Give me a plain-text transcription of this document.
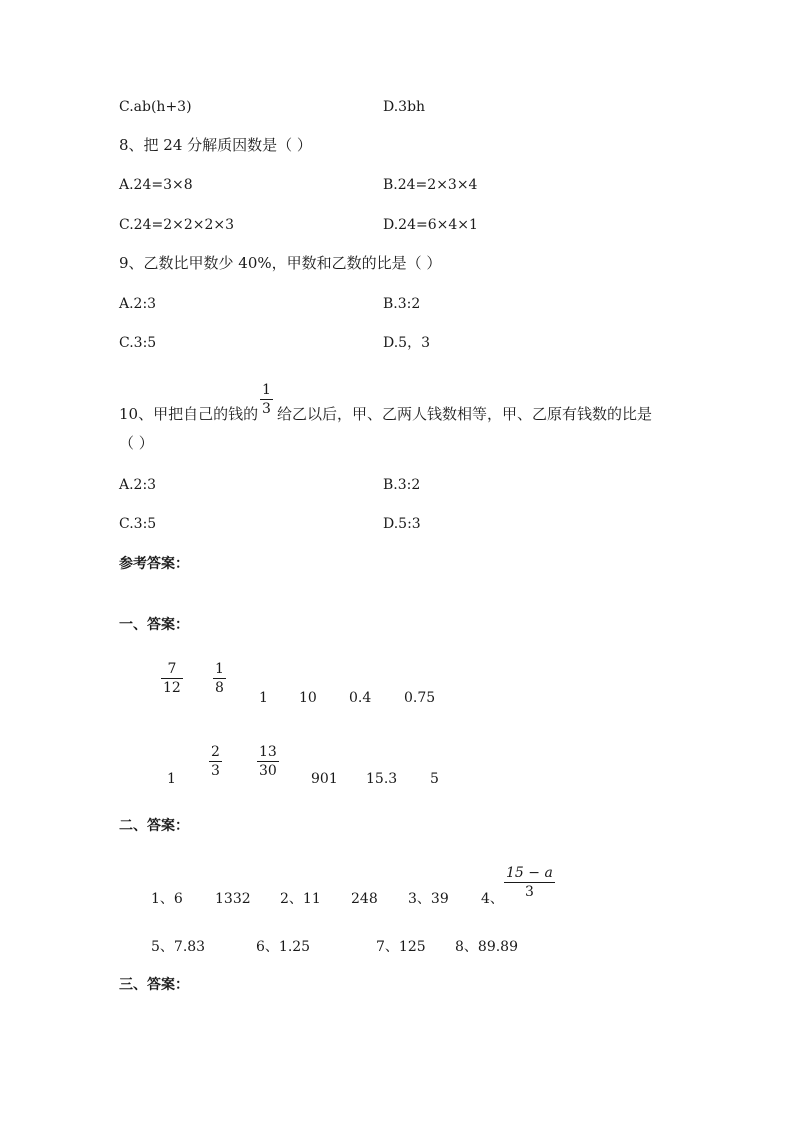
C.ab(h+3)	D.3bh
8、把 24 分解质因数是（ ）
A.24=3×8	B.24=2×3×4
C.24=2×2×2×3	D.24=6×4×1
9、乙数比甲数少 40%，甲数和乙数的比是（ ）
A.2:3	B.3:2
C.3:5	D.5，3
10、甲把自己的钱的
1
3 给乙以后，甲、乙两人钱数相等，甲、乙原有钱数的比是
（ ）
A.2:3	B.3:2
C.3:5	D.5:3
参考答案：
一、答案：
7
12
1
8
1 10 0.4 0.75
1
2
3
13
30 901 15.3 5
二、答案：
1、6 1332 2、11 248 3、39 4、
15 − a
3
5、7.83	6、1.25	7、125 8、89.89
三、答案：
